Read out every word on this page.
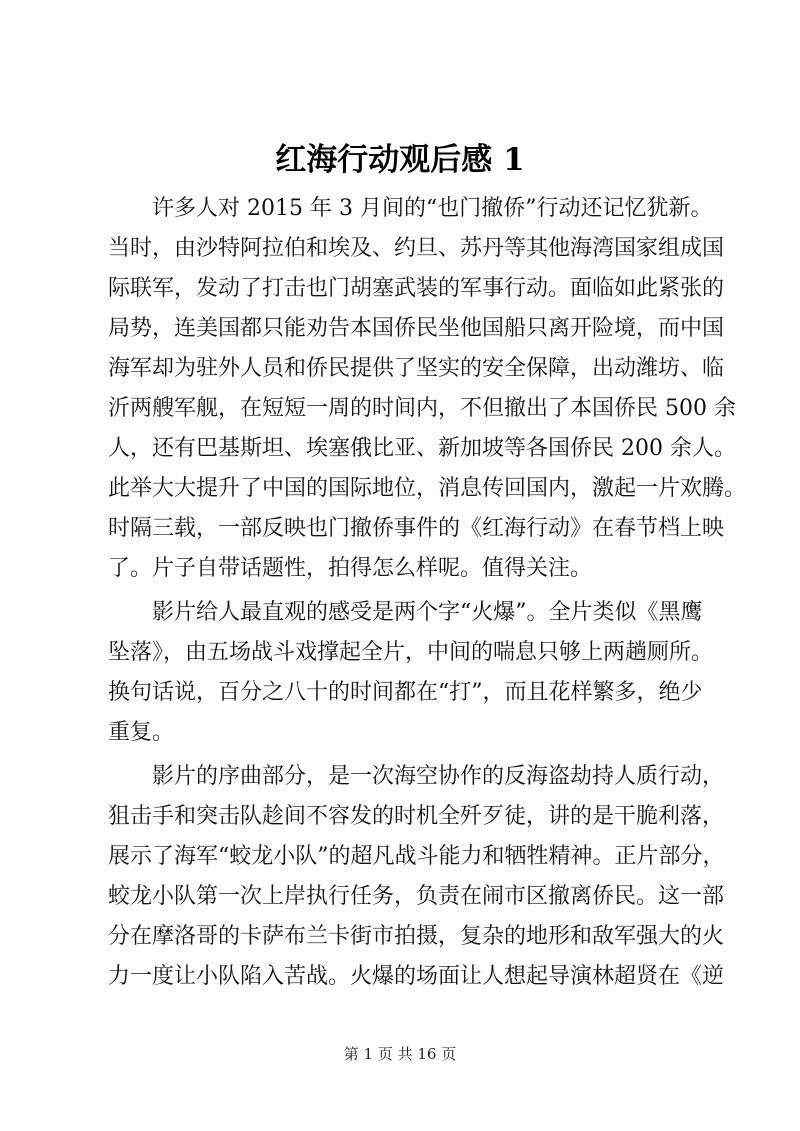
红海行动观后感 1
许多人对 2015 年 3 月间的“也门撤侨”行动还记忆犹新。
当时，由沙特阿拉伯和埃及、约旦、苏丹等其他海湾国家组成国
际联军，发动了打击也门胡塞武装的军事行动。面临如此紧张的
局势，连美国都只能劝告本国侨民坐他国船只离开险境，而中国
海军却为驻外人员和侨民提供了坚实的安全保障，出动潍坊、临
沂两艘军舰，在短短一周的时间内，不但撤出了本国侨民 500 余
人，还有巴基斯坦、埃塞俄比亚、新加坡等各国侨民 200 余人。
此举大大提升了中国的国际地位，消息传回国内，激起一片欢腾。
时隔三载，一部反映也门撤侨事件的《红海行动》在春节档上映
了。片子自带话题性，拍得怎么样呢。值得关注。
影片给人最直观的感受是两个字“火爆”。全片类似《黑鹰
坠落》，由五场战斗戏撑起全片，中间的喘息只够上两趟厕所。
换句话说，百分之八十的时间都在“打”，而且花样繁多，绝少
重复。
影片的序曲部分，是一次海空协作的反海盗劫持人质行动，
狙击手和突击队趁间不容发的时机全歼歹徒，讲的是干脆利落，
展示了海军“蛟龙小队”的超凡战斗能力和牺牲精神。正片部分，
蛟龙小队第一次上岸执行任务，负责在闹市区撤离侨民。这一部
分在摩洛哥的卡萨布兰卡街市拍摄，复杂的地形和敌军强大的火
力一度让小队陷入苦战。火爆的场面让人想起导演林超贤在《逆
第 1 页 共 16 页
